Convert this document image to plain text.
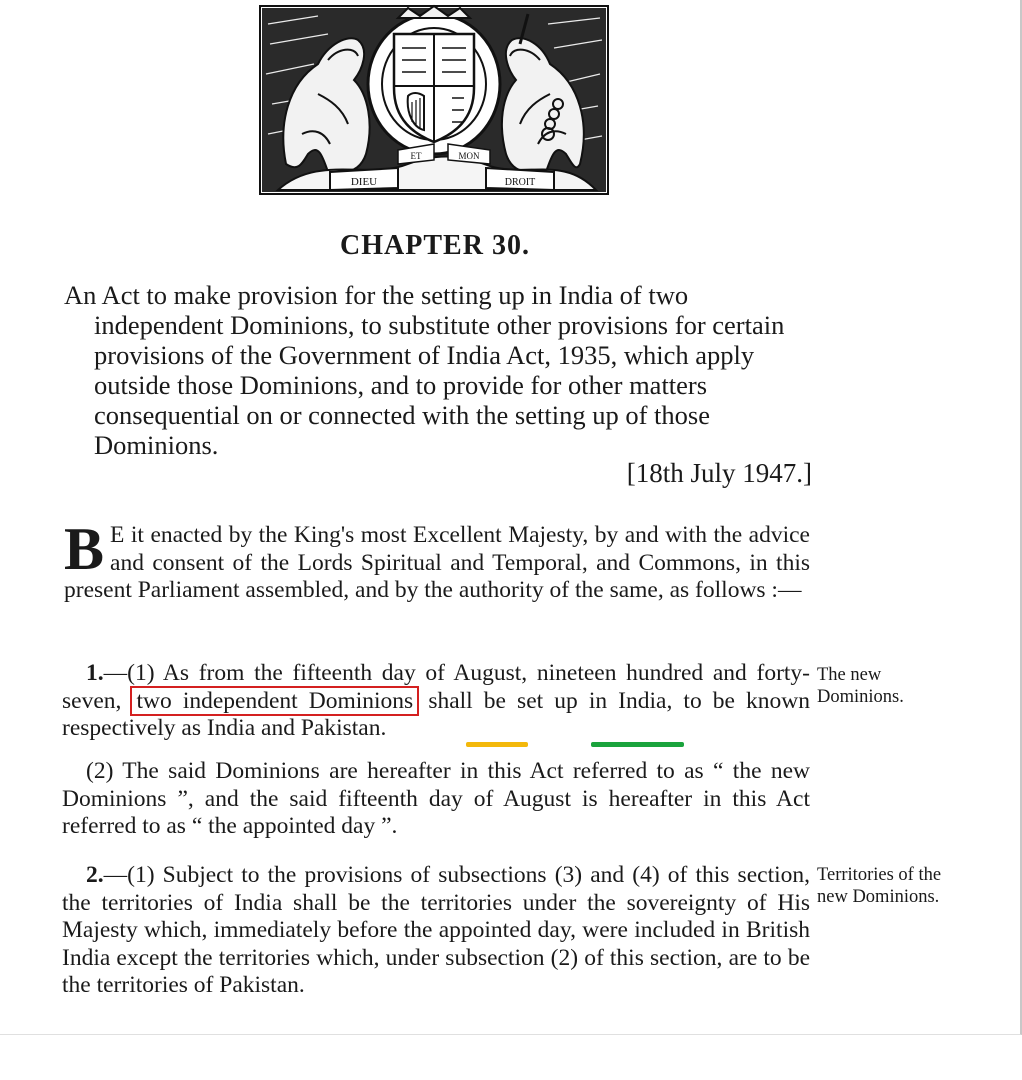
DIEU
ET	MON
DROIT
CHAPTER 30.

An Act to make provision for the setting up in India of two independent Dominions, to substitute other provisions for certain provisions of the Government of India Act, 1935, which apply outside those Dominions, and to provide for other matters consequential on or connected with the setting up of those Dominions.

[18th July 1947.]
B E it enacted by the King's most Excellent Majesty, by and with the advice and consent of the Lords Spiritual and Temporal, and Commons, in this present Parliament assembled, and by the authority of the same, as follows :—
1.—(1) As from the fifteenth day of August, nineteen hundred and forty-seven, two independent Dominions shall be set up in India, to be known respectively as India and Pakistan.
The new Dominions.
(2) The said Dominions are hereafter in this Act referred to as “ the new Dominions ”, and the said fifteenth day of August is hereafter in this Act referred to as “ the appointed day ”.
2.—(1) Subject to the provisions of subsections (3) and (4) of this section, the territories of India shall be the territories under the sovereignty of His Majesty which, immediately before the appointed day, were included in British India except the territories which, under subsection (2) of this section, are to be the territories of Pakistan.
Territories of the new Dominions.
